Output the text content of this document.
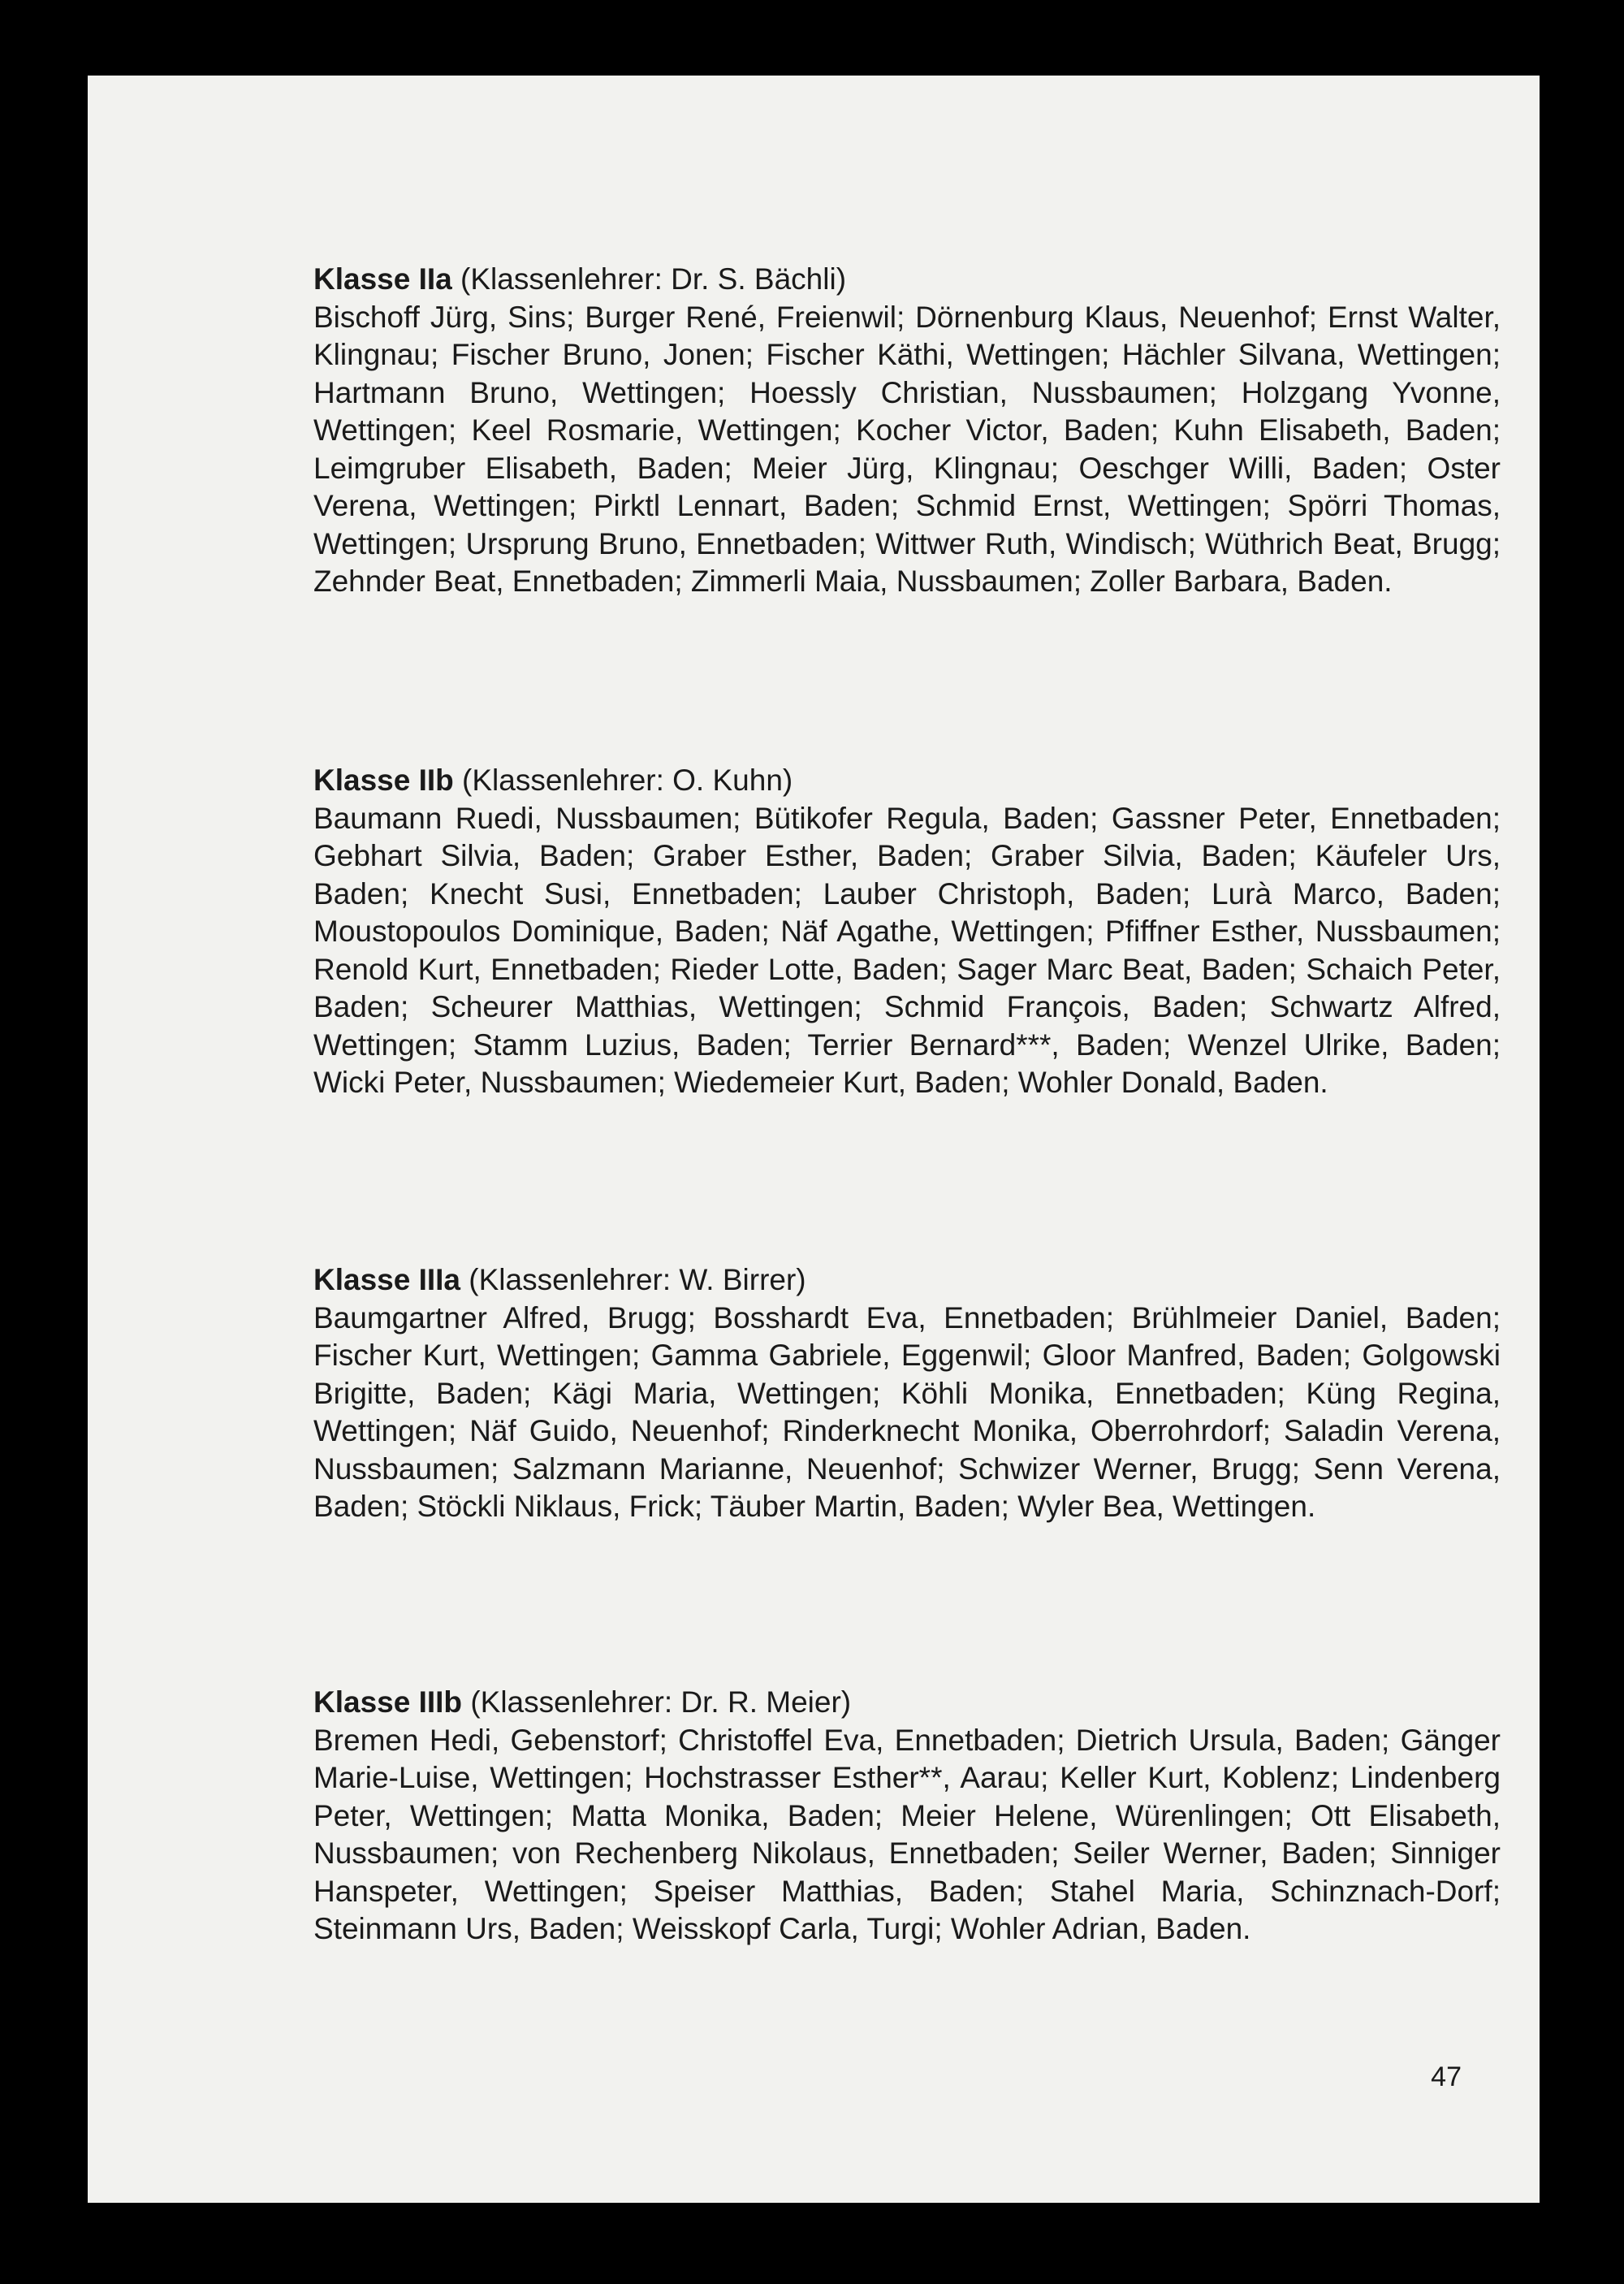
Klasse IIa (Klassenlehrer: Dr. S. Bächli)

Bischoff Jürg, Sins; Burger René, Freienwil; Dörnenburg Klaus, Neuenhof; Ernst Walter, Klingnau; Fischer Bruno, Jonen; Fischer Käthi, Wettingen; Hächler Silvana, Wettingen; Hartmann Bruno, Wettingen; Hoessly Christian, Nussbaumen; Holzgang Yvonne, Wettingen; Keel Rosmarie, Wettingen; Kocher Victor, Baden; Kuhn Elisabeth, Baden; Leimgruber Elisabeth, Baden; Meier Jürg, Klingnau; Oeschger Willi, Baden; Oster Verena, Wettingen; Pirktl Lennart, Baden; Schmid Ernst, Wettingen; Spörri Thomas, Wettingen; Ursprung Bruno, Ennetbaden; Wittwer Ruth, Windisch; Wüthrich Beat, Brugg; Zehnder Beat, Ennetbaden; Zimmerli Maia, Nussbaumen; Zoller Barbara, Baden.

Klasse IIb (Klassenlehrer: O. Kuhn)

Baumann Ruedi, Nussbaumen; Bütikofer Regula, Baden; Gassner Peter, Ennetbaden; Gebhart Silvia, Baden; Graber Esther, Baden; Graber Silvia, Baden; Käufeler Urs, Baden; Knecht Susi, Ennetbaden; Lauber Christoph, Baden; Lurà Marco, Baden; Moustopoulos Dominique, Baden; Näf Agathe, Wettingen; Pfiffner Esther, Nussbaumen; Renold Kurt, Ennetbaden; Rieder Lotte, Baden; Sager Marc Beat, Baden; Schaich Peter, Baden; Scheurer Matthias, Wettingen; Schmid François, Baden; Schwartz Alfred, Wettingen; Stamm Luzius, Baden; Terrier Bernard***, Baden; Wenzel Ulrike, Baden; Wicki Peter, Nussbaumen; Wiedemeier Kurt, Baden; Wohler Donald, Baden.

Klasse IIIa (Klassenlehrer: W. Birrer)

Baumgartner Alfred, Brugg; Bosshardt Eva, Ennetbaden; Brühlmeier Daniel, Baden; Fischer Kurt, Wettingen; Gamma Gabriele, Eggenwil; Gloor Manfred, Baden; Golgowski Brigitte, Baden; Kägi Maria, Wettingen; Köhli Monika, Ennetbaden; Küng Regina, Wettingen; Näf Guido, Neuenhof; Rinderknecht Monika, Oberrohrdorf; Saladin Verena, Nussbaumen; Salzmann Marianne, Neuenhof; Schwizer Werner, Brugg; Senn Verena, Baden; Stöckli Niklaus, Frick; Täuber Martin, Baden; Wyler Bea, Wettingen.

Klasse IIIb (Klassenlehrer: Dr. R. Meier)

Bremen Hedi, Gebenstorf; Christoffel Eva, Ennetbaden; Dietrich Ursula, Baden; Gänger Marie-Luise, Wettingen; Hochstrasser Esther**, Aarau; Keller Kurt, Koblenz; Lindenberg Peter, Wettingen; Matta Monika, Baden; Meier Helene, Würenlingen; Ott Elisabeth, Nussbaumen; von Rechenberg Nikolaus, Ennetbaden; Seiler Werner, Baden; Sinniger Hanspeter, Wettingen; Speiser Matthias, Baden; Stahel Maria, Schinznach-Dorf; Steinmann Urs, Baden; Weisskopf Carla, Turgi; Wohler Adrian, Baden.

47
